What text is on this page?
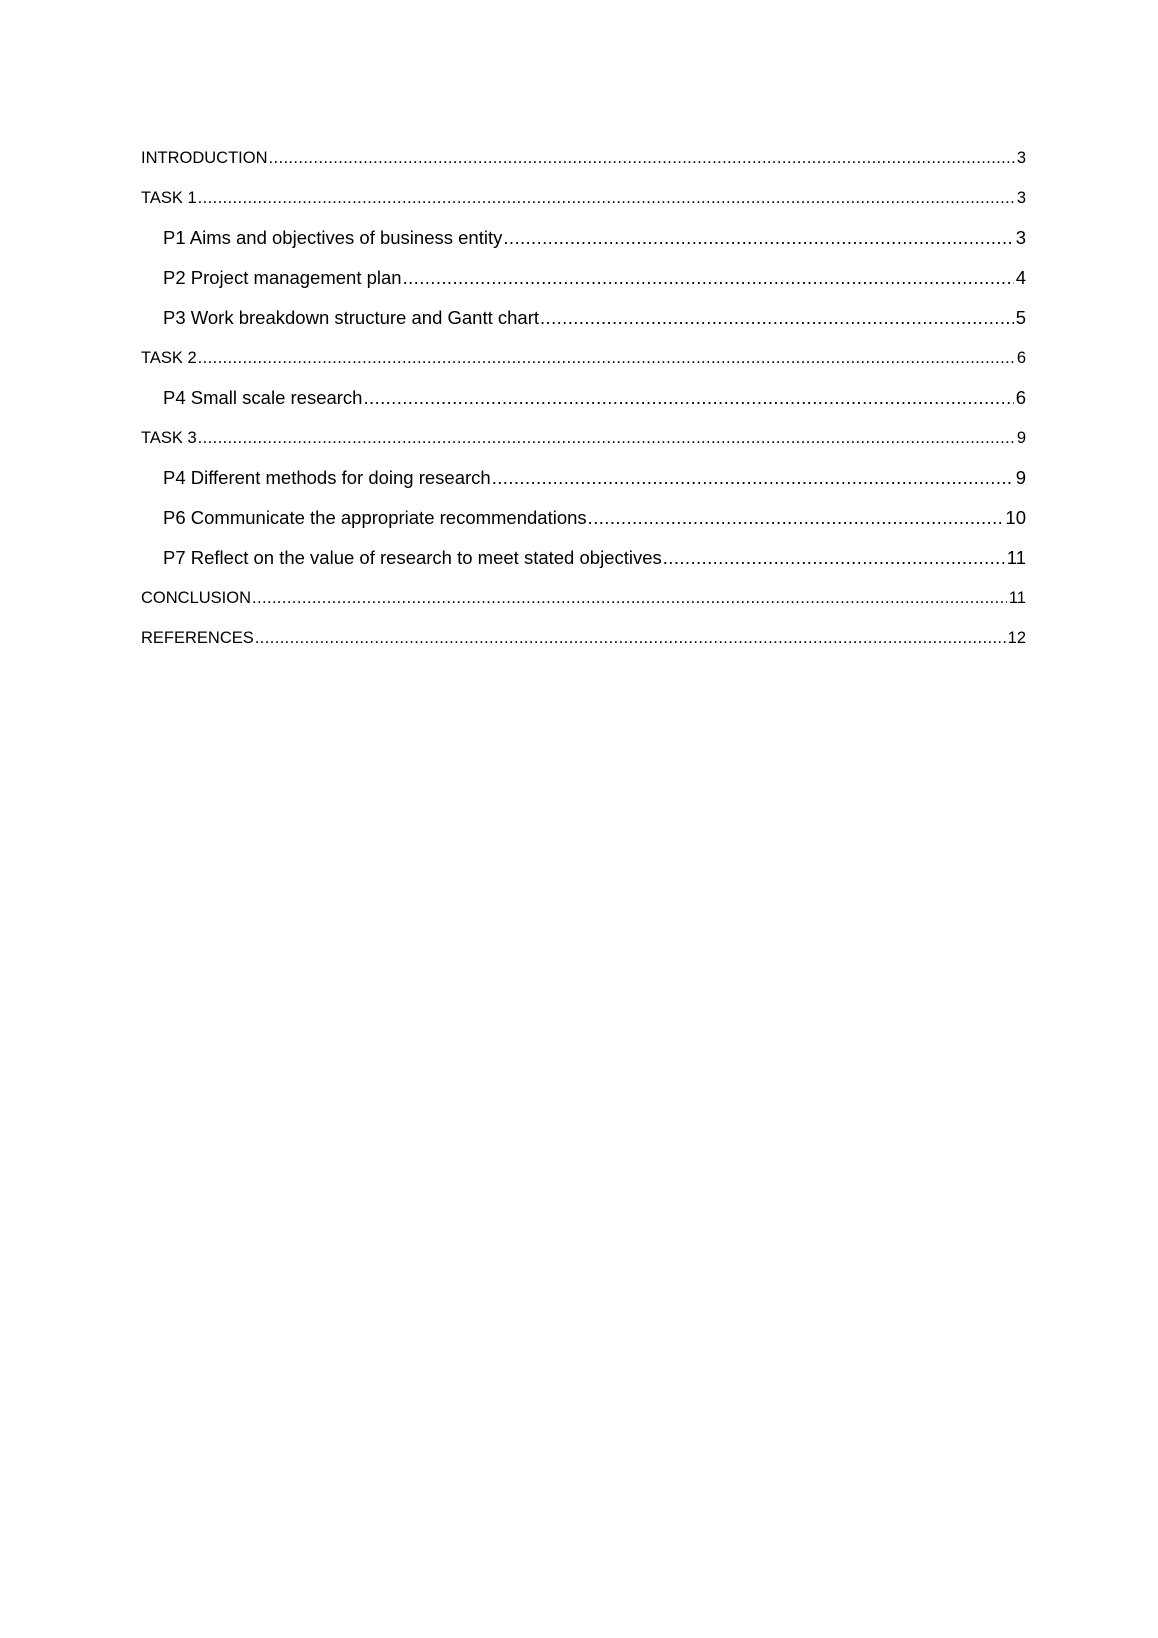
INTRODUCTION .....	3
TASK 1 .....	3
P1 Aims and objectives of business entity .....	3
P2 Project management plan .....	4
P3 Work breakdown structure and Gantt chart .....	5
TASK 2 .....	6
P4 Small scale research .....	6
TASK 3 .....	9
P4 Different methods for doing research .....	9
P6 Communicate the appropriate recommendations .....	10
P7 Reflect on the value of research to meet stated objectives .....	11
CONCLUSION .....	11
REFERENCES .....	12
